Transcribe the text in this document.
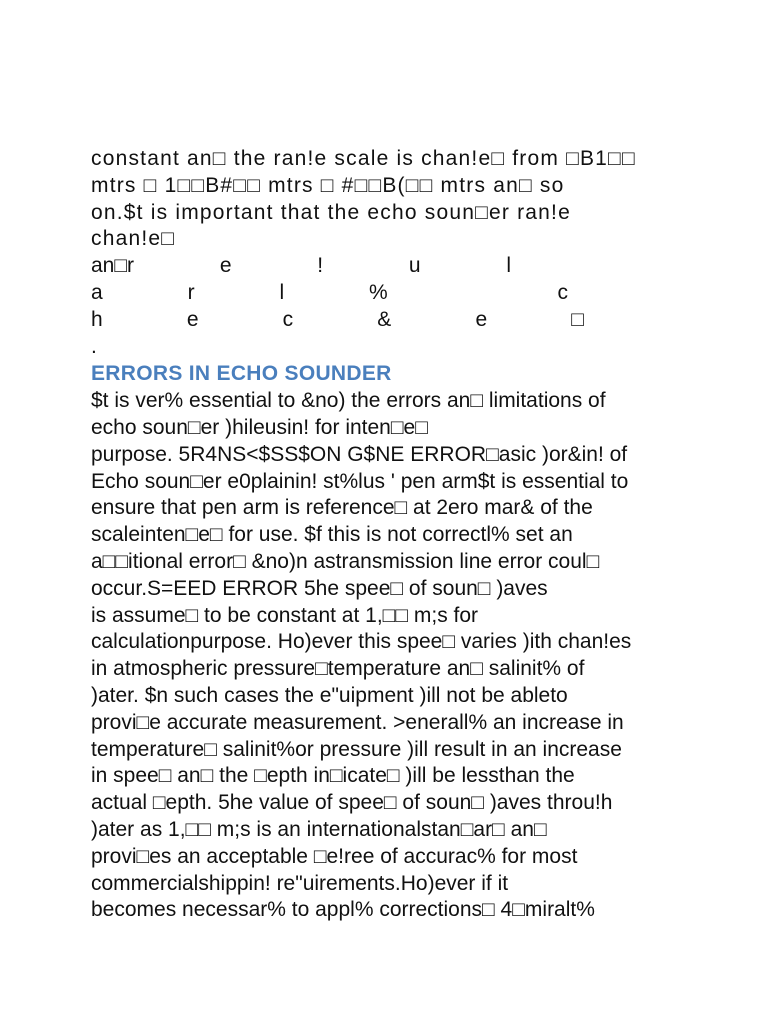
constant an□ the ran!e scale is chan!e□ from □B1□□
mtrs □ 1□□B#□□ mtrs □ #□□B(□□ mtrs an□ so
on.$t is important that the echo soun□er ran!e
chan!e□
an□r	e	!	u	l
a	r	l	%	c
h	e	c	&	e	□
.
ERRORS IN ECHO SOUNDER
$t is ver% essential to &no) the errors an□ limitations of
echo soun□er )hileusin! for inten□e□
purpose. 5R4NS<$SS$ON G$NE ERROR□asic )or&in! of
Echo soun□er e0plainin! st%lus ' pen arm$t is essential to
ensure that pen arm is reference□ at 2ero mar& of the
scaleinten□e□ for use. $f this is not correctl% set an
a□□itional error□ &no)n astransmission line error coul□
occur.S=EED ERROR 5he spee□ of soun□ )aves
is assume□ to be constant at 1,□□ m;s for
calculationpurpose. Ho)ever this spee□ varies )ith chan!es
in atmospheric pressure□temperature an□ salinit% of
)ater. $n such cases the e"uipment )ill not be ableto
provi□e accurate measurement. >enerall% an increase in
temperature□ salinit%or pressure )ill result in an increase
in spee□ an□ the □epth in□icate□ )ill be lessthan the
actual □epth. 5he value of spee□ of soun□ )aves throu!h
)ater as 1,□□ m;s is an internationalstan□ar□ an□
provi□es an acceptable □e!ree of accurac% for most
commercialshippin! re"uirements.Ho)ever if it
becomes necessar% to appl% corrections□ 4□miralt%
